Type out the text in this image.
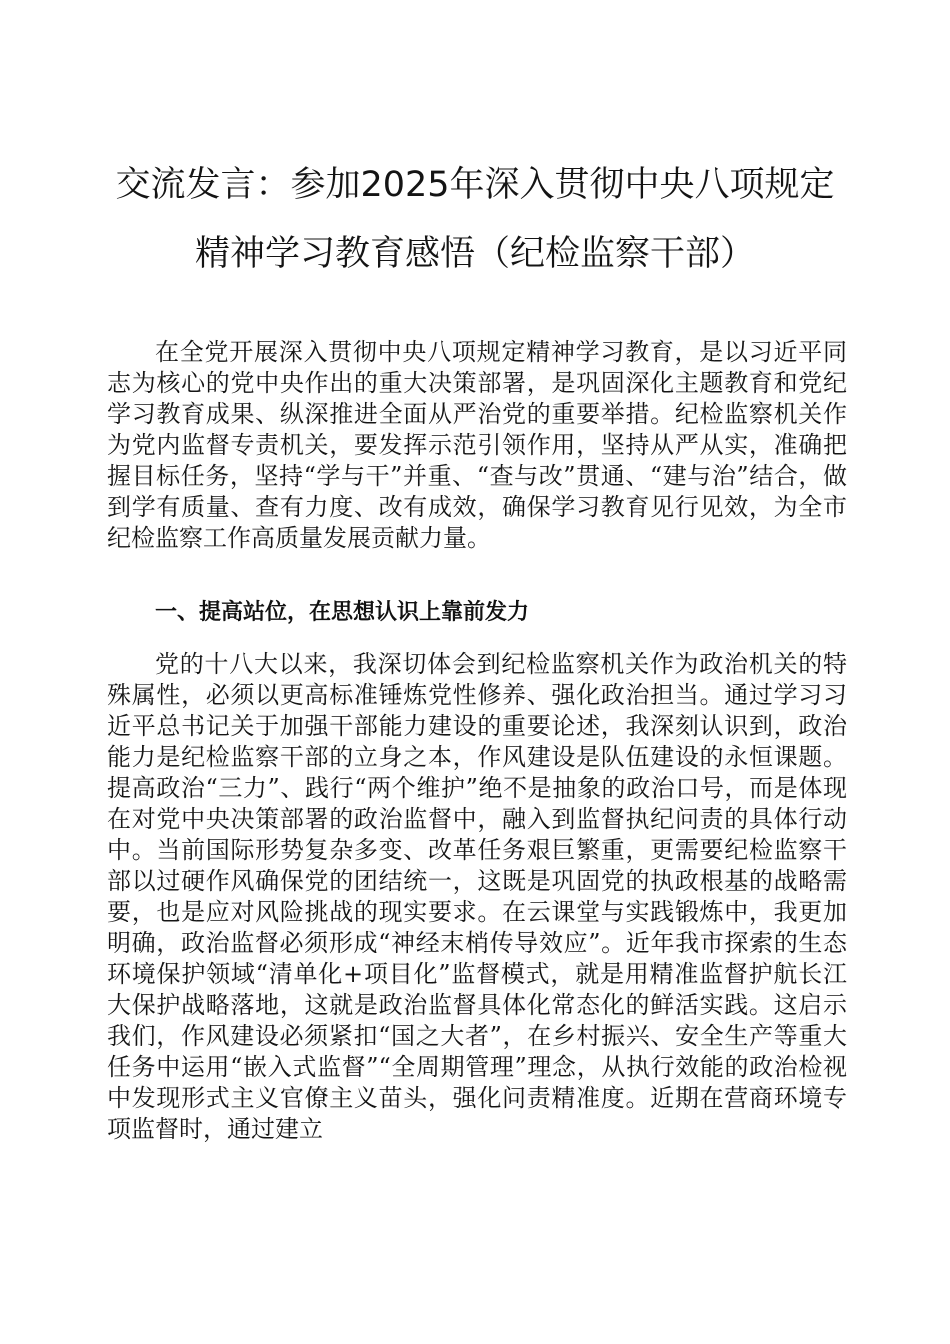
交流发言：参加2025年深入贯彻中央八项规定
精神学习教育感悟（纪检监察干部）

在全党开展深入贯彻中央八项规定精神学习教育，是以习近平同志为核心的党中央作出的重大决策部署，是巩固深化主题教育和党纪学习教育成果、纵深推进全面从严治党的重要举措。纪检监察机关作为党内监督专责机关，要发挥示范引领作用，坚持从严从实，准确把握目标任务，坚持“学与干”并重、“查与改”贯通、“建与治”结合，做到学有质量、查有力度、改有成效，确保学习教育见行见效，为全市纪检监察工作高质量发展贡献力量。

一、提高站位，在思想认识上靠前发力

党的十八大以来，我深切体会到纪检监察机关作为政治机关的特殊属性，必须以更高标准锤炼党性修养、强化政治担当。通过学习习近平总书记关于加强干部能力建设的重要论述，我深刻认识到，政治能力是纪检监察干部的立身之本，作风建设是队伍建设的永恒课题。提高政治“三力”、践行“两个维护”绝不是抽象的政治口号，而是体现在对党中央决策部署的政治监督中，融入到监督执纪问责的具体行动中。当前国际形势复杂多变、改革任务艰巨繁重，更需要纪检监察干部以过硬作风确保党的团结统一，这既是巩固党的执政根基的战略需要，也是应对风险挑战的现实要求。在云课堂与实践锻炼中，我更加明确，政治监督必须形成“神经末梢传导效应”。近年我市探索的生态环境保护领域“清单化+项目化”监督模式，就是用精准监督护航长江大保护战略落地，这就是政治监督具体化常态化的鲜活实践。这启示我们，作风建设必须紧扣“国之大者”，在乡村振兴、安全生产等重大任务中运用“嵌入式监督”“全周期管理”理念，从执行效能的政治检视中发现形式主义官僚主义苗头，强化问责精准度。近期在营商环境专项监督时，通过建立
